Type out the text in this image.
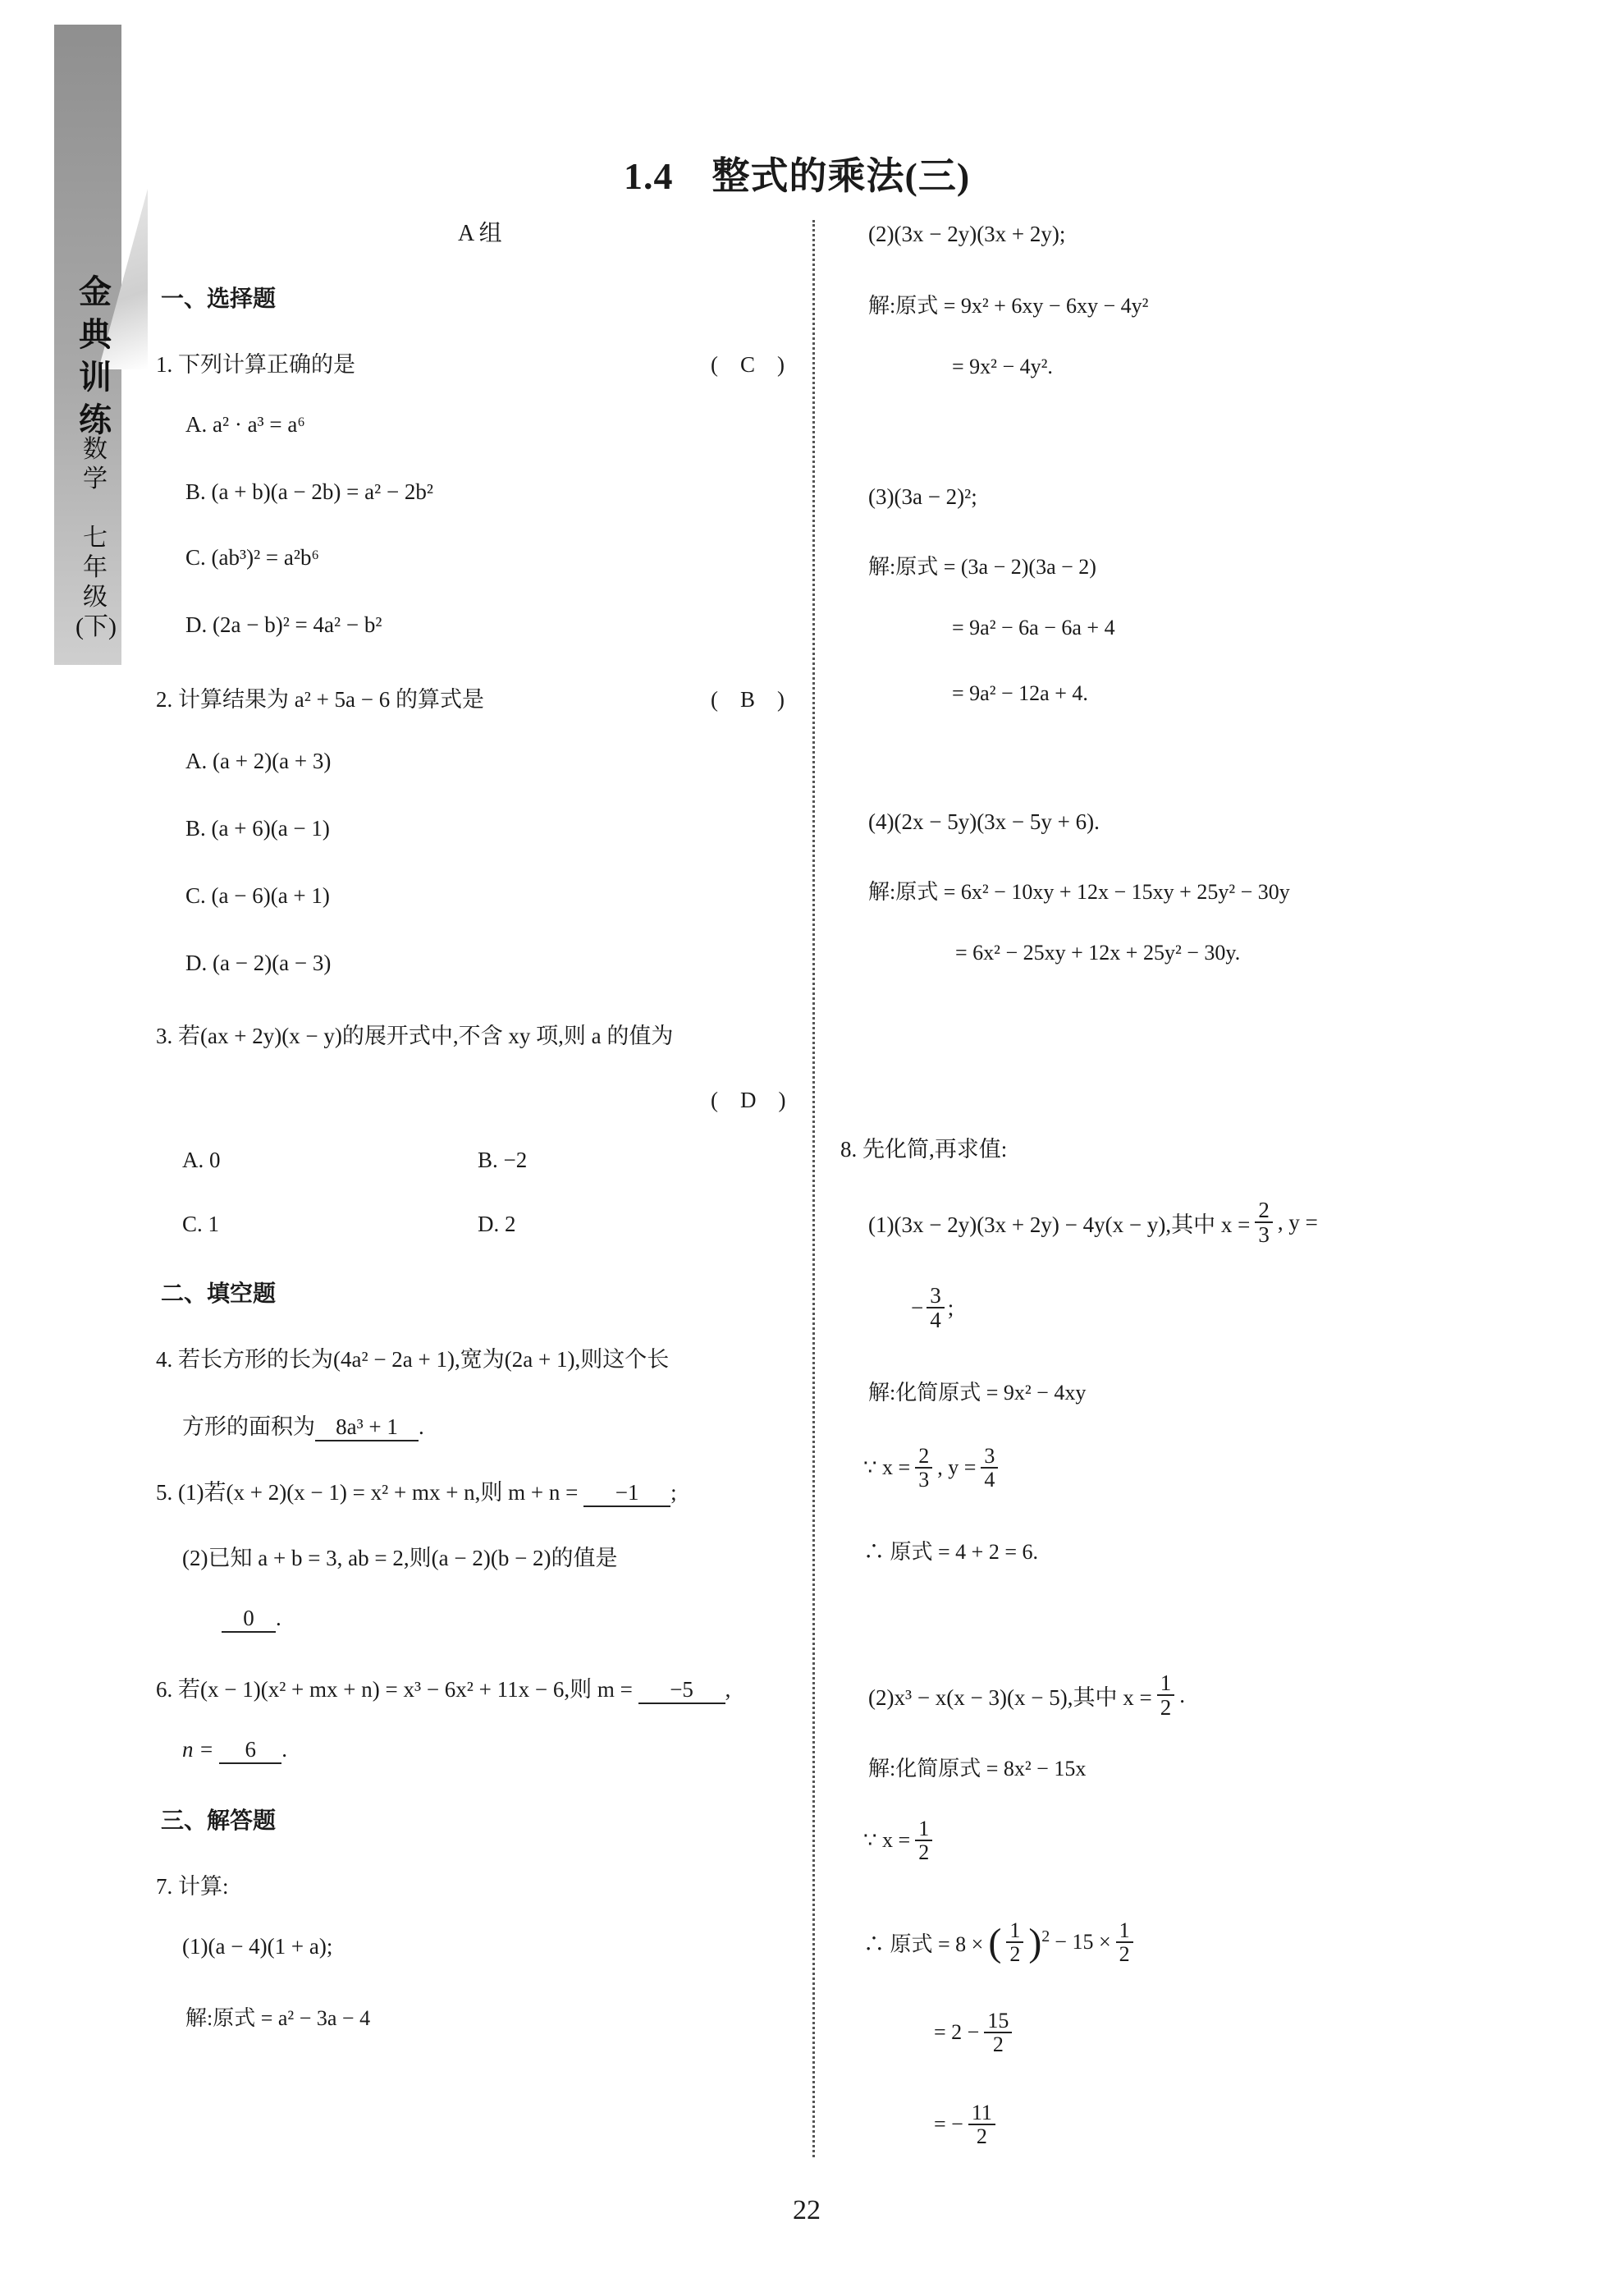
金典训练
数学

七年级(下)
1.4　整式的乘法(三)
A 组
一、选择题
1. 下列计算正确的是	(　C　)
A. a² · a³ = a⁶
B. (a + b)(a − 2b) = a² − 2b²
C. (ab³)² = a²b⁶
D. (2a − b)² = 4a² − b²
2. 计算结果为 a² + 5a − 6 的算式是	(　B　)
A. (a + 2)(a + 3)
B. (a + 6)(a − 1)
C. (a − 6)(a + 1)
D. (a − 2)(a − 3)
3. 若(ax + 2y)(x − y)的展开式中,不含 xy 项,则 a 的值为
(　D　)
A. 0	B. −2
C. 1	D. 2
二、填空题
4. 若长方形的长为(4a² − 2a + 1),宽为(2a + 1),则这个长
方形的面积为 8a³ + 1 .
5. (1)若(x + 2)(x − 1) = x² + mx + n,则 m + n = −1 ;
(2)已知 a + b = 3, ab = 2,则(a − 2)(b − 2)的值是
0 .
6. 若(x − 1)(x² + mx + n) = x³ − 6x² + 11x − 6,则 m = −5 ,
n = 6 .
三、解答题
7. 计算:
(1)(a − 4)(1 + a);
解:原式 = a² − 3a − 4
(2)(3x − 2y)(3x + 2y);
解:原式 = 9x² + 6xy − 6xy − 4y²
= 9x² − 4y².
(3)(3a − 2)²;
解:原式 = (3a − 2)(3a − 2)
= 9a² − 6a − 6a + 4
= 9a² − 12a + 4.
(4)(2x − 5y)(3x − 5y + 6).
解:原式 = 6x² − 10xy + 12x − 15xy + 25y² − 30y
= 6x² − 25xy + 12x + 25y² − 30y.
8. 先化简,再求值:
(1)(3x − 2y)(3x + 2y) − 4y(x − y),其中 $x = \frac{2}{3}$ , y =
− $\frac{3}{4}$ ;
解:化简原式 = 9x² − 4xy
∵ $x = \frac{2}{3}$ , $y = \frac{3}{4}$
∴ 原式 = 4 + 2 = 6.
(2)x³ − x(x − 3)(x − 5),其中 $x = \frac{1}{2}$ .
解:化简原式 = 8x² − 15x
∵ $x = \frac{1}{2}$
∴ 原式 = 8 × ( $\frac{1}{2} )^2 - 15 \times \frac{1}{2}$
= $2 - \frac{15}{2}$
= − $\frac{11}{2}$
22
